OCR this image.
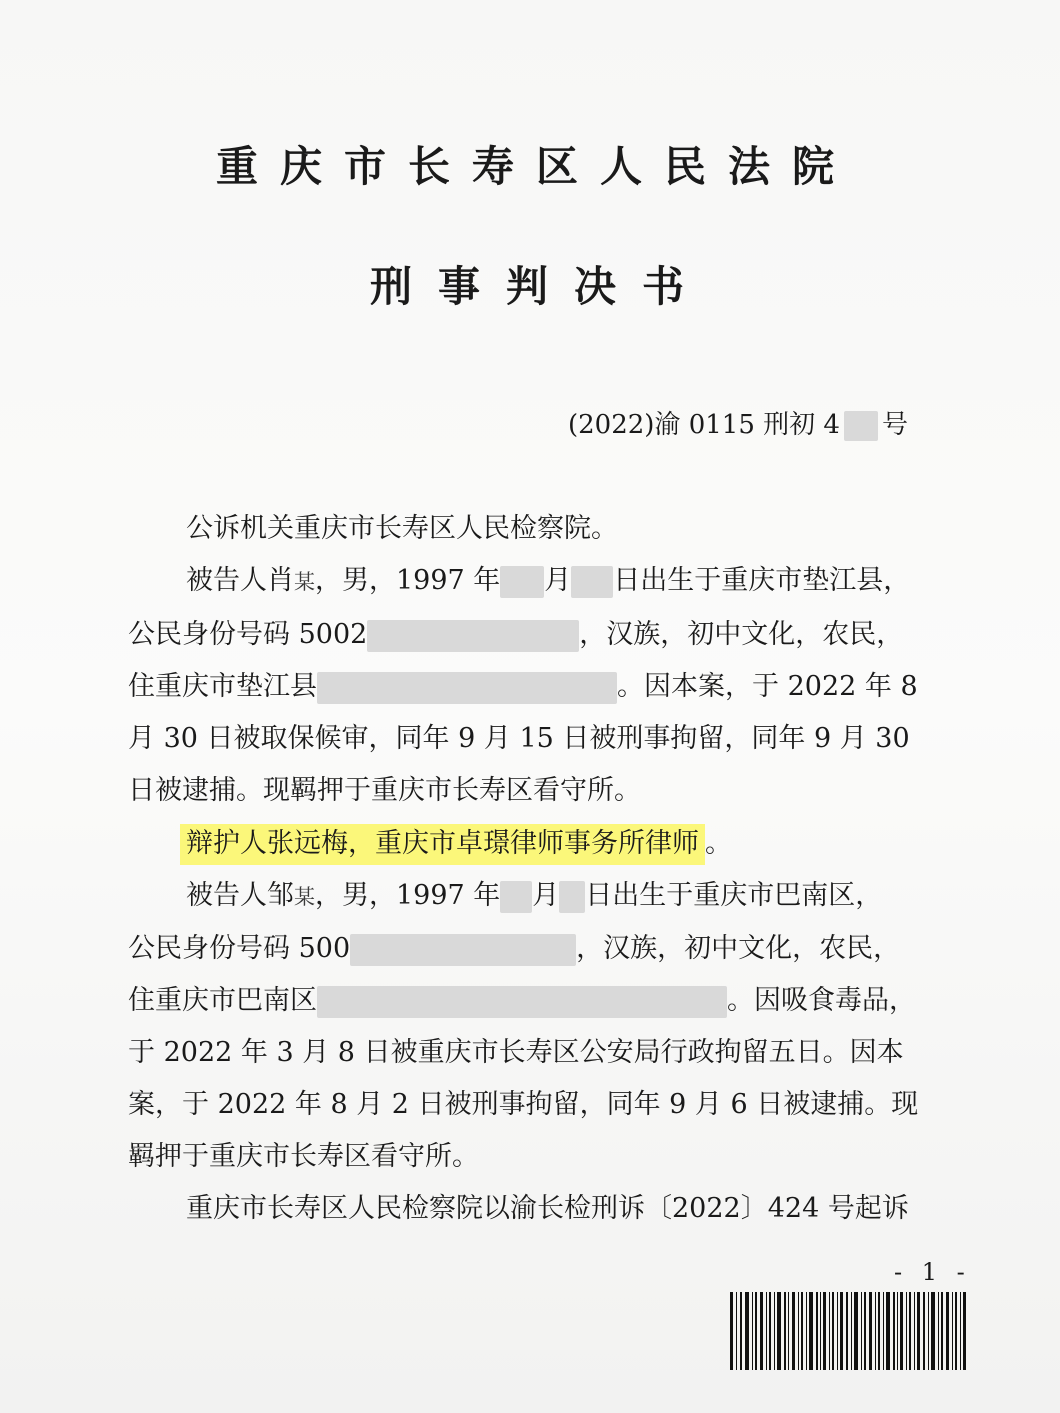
重庆市长寿区人民法院
刑事判决书
(2022)渝 0115 刑初 4 号
公诉机关重庆市长寿区人民检察院。
被告人肖某，男，1997 年 月 日出生于重庆市垫江县，
公民身份号码 5002	，汉族，初中文化，农民，
住重庆市垫江县	。因本案，于 2022 年 8
月 30 日被取保候审，同年 9 月 15 日被刑事拘留，同年 9 月 30
日被逮捕。现羁押于重庆市长寿区看守所。
辩护人张远梅，重庆市卓璟律师事务所律师 。
被告人邹某，男，1997 年 月 日出生于重庆市巴南区，
公民身份号码 500	，汉族，初中文化，农民，
住重庆市巴南区	。因吸食毒品，
于 2022 年 3 月 8 日被重庆市长寿区公安局行政拘留五日。因本
案，于 2022 年 8 月 2 日被刑事拘留，同年 9 月 6 日被逮捕。现
羁押于重庆市长寿区看守所。
重庆市长寿区人民检察院以渝长检刑诉〔2022〕424 号起诉
- 1 -
